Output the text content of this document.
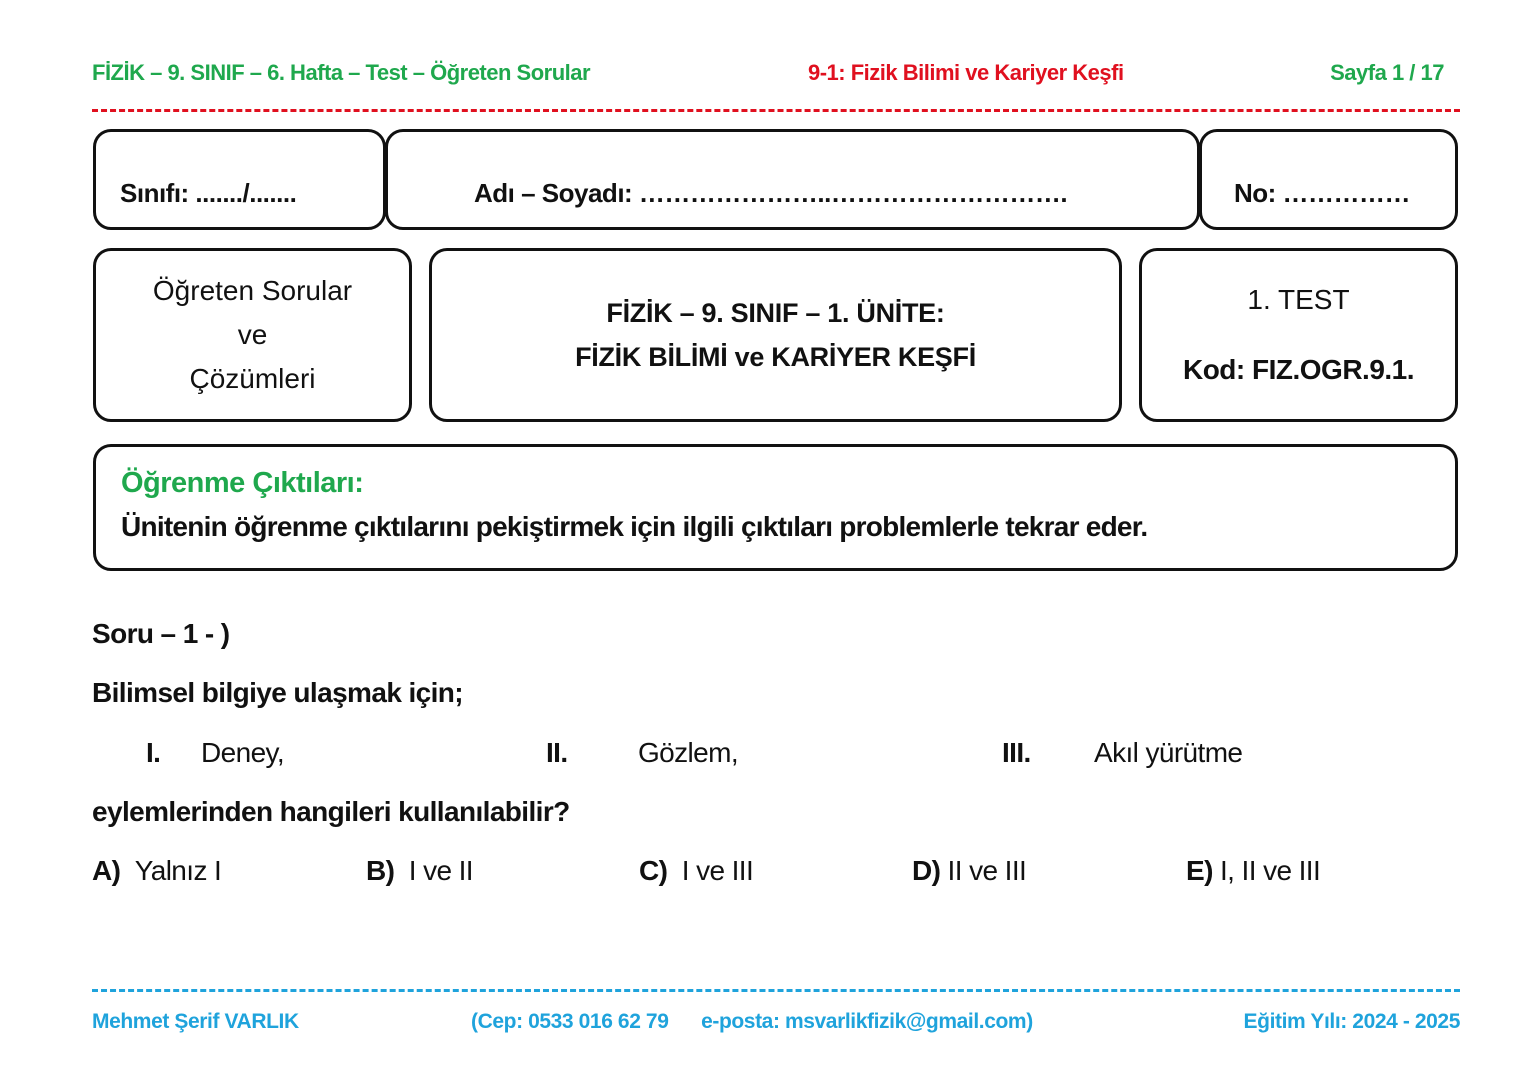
FİZİK – 9. SINIF – 6. Hafta – Test – Öğreten Sorular	9-1: Fizik Bilimi ve Kariyer Keşfi	Sayfa 1 / 17
Sınıfı: ......./.......	Adı – Soyadı: …………………..……………………….	No: ……………
Öğreten Sorular
ve
Çözümleri
FİZİK – 9. SINIF – 1. ÜNİTE:
FİZİK BİLİMİ ve KARİYER KEŞFİ
1. TEST
Kod: FIZ.OGR.9.1.
Öğrenme Çıktıları:
Ünitenin öğrenme çıktılarını pekiştirmek için ilgili çıktıları problemlerle tekrar eder.
Soru – 1 - )
Bilimsel bilgiye ulaşmak için;
I. Deney,	II.	Gözlem,	III. Akıl yürütme
eylemlerinden hangileri kullanılabilir?
A) Yalnız I	B) I ve II	C) I ve III	D) II ve III	E) I, II ve III
Mehmet Şerif VARLIK	(Cep: 0533 016 62 79      e-posta: msvarlikfizik@gmail.com)	Eğitim Yılı: 2024 - 2025
